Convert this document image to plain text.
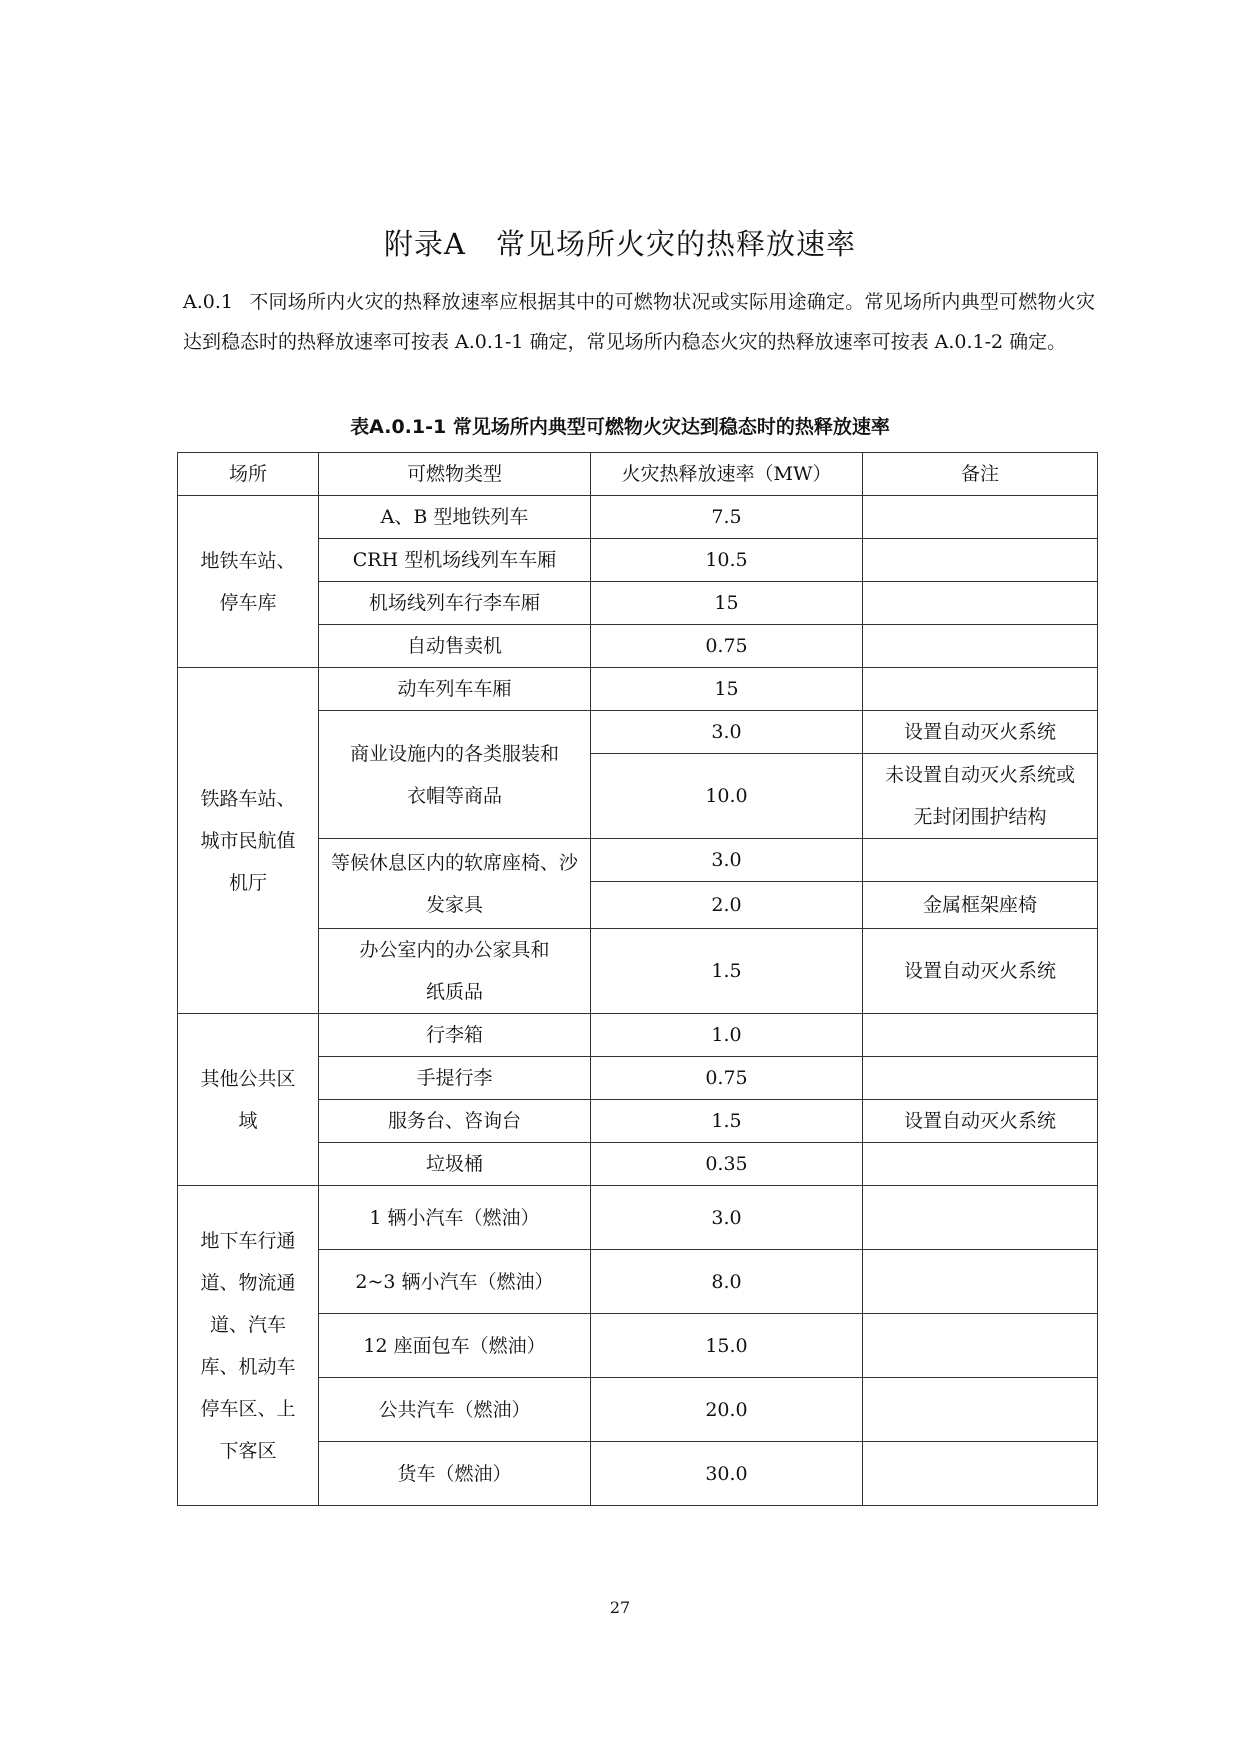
附录A　常见场所火灾的热释放速率
A.0.1 不同场所内火灾的热释放速率应根据其中的可燃物状况或实际用途确定。常见场所内典型可燃物火灾达到稳态时的热释放速率可按表 A.0.1-1 确定，常见场所内稳态火灾的热释放速率可按表 A.0.1-2 确定。
表A.0.1-1 常见场所内典型可燃物火灾达到稳态时的热释放速率
场所	可燃物类型	火灾热释放速率（MW）	备注
地铁车站、停车库	A、B 型地铁列车	7.5	
	CRH 型机场线列车车厢	10.5	
	机场线列车行李车厢	15	
	自动售卖机	0.75	
铁路车站、城市民航值机厅	动车列车车厢	15	
	商业设施内的各类服装和衣帽等商品	3.0	设置自动灭火系统
		10.0	未设置自动灭火系统或无封闭围护结构
	等候休息区内的软席座椅、沙发家具	3.0	
		2.0	金属框架座椅
	办公室内的办公家具和纸质品	1.5	设置自动灭火系统
其他公共区域	行李箱	1.0	
	手提行李	0.75	
	服务台、咨询台	1.5	设置自动灭火系统
	垃圾桶	0.35	
地下车行通道、物流通道、汽车库、机动车停车区、上下客区	1 辆小汽车（燃油）	3.0	
	2~3 辆小汽车（燃油）	8.0	
	12 座面包车（燃油）	15.0	
	公共汽车（燃油）	20.0	
	货车（燃油）	30.0	
27
